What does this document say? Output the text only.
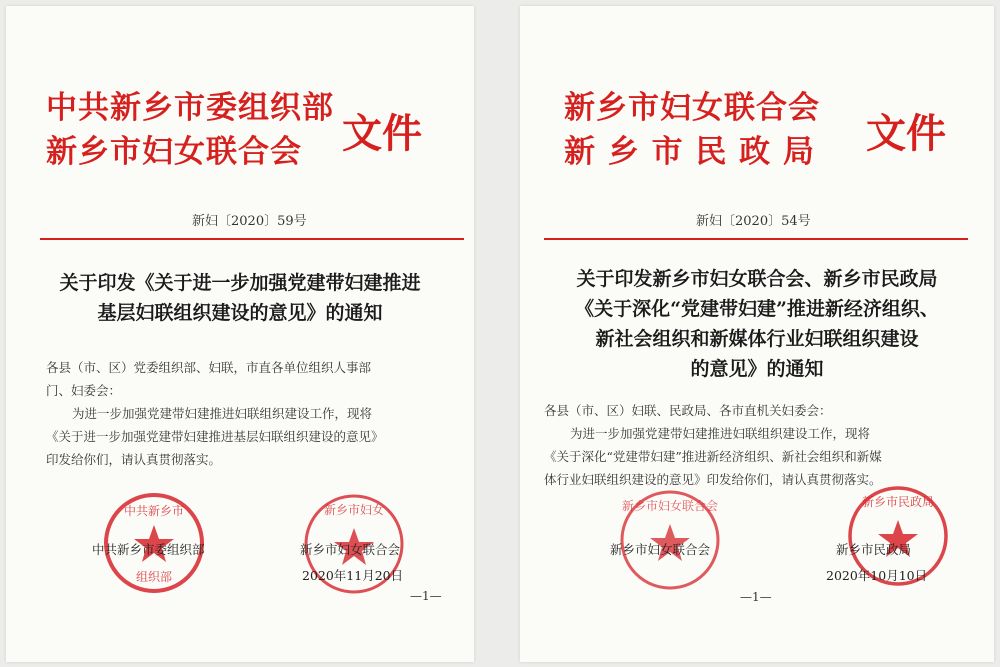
中共新乡市委组织部
新乡市妇女联合会 文件
新妇〔2020〕59号
关于印发《关于进一步加强党建带妇建推进
基层妇联组织建设的意见》的通知
各县（市、区）党委组织部、妇联，市直各单位组织人事部
门、妇委会：
为进一步加强党建带妇建推进妇联组织建设工作，现将
《关于进一步加强党建带妇建推进基层妇联组织建设的意见》
印发给你们，请认真贯彻落实。
中共新乡市
组织部
新乡市妇女
中共新乡市委组织部	新乡市妇女联合会
2020年11月20日
—1—
新乡市妇女联合会
新 乡 市 民 政 局 文件
新妇〔2020〕54号
关于印发新乡市妇女联合会、新乡市民政局
《关于深化“党建带妇建”推进新经济组织、
新社会组织和新媒体行业妇联组织建设
的意见》的通知
各县（市、区）妇联、民政局、各市直机关妇委会：
为进一步加强党建带妇建推进妇联组织建设工作，现将
《关于深化“党建带妇建”推进新经济组织、新社会组织和新媒
体行业妇联组织建设的意见》印发给你们，请认真贯彻落实。
新乡市妇女联合会	新乡市民政局
新乡市妇女联合会	新乡市民政局
2020年10月10日
—1—
